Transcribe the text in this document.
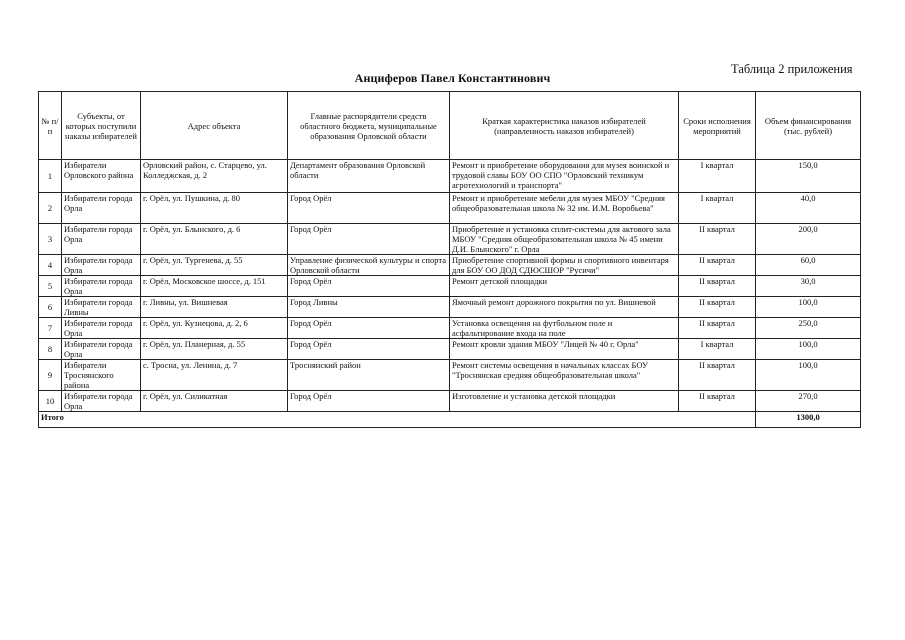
Таблица 2 приложения
Анциферов Павел Константинович
№ п/п	Субъекты, от которых поступили наказы избирателей	Адрес объекта	Главные распорядители средств областного бюджета, муниципальные образования Орловской области	Краткая характеристика наказов избирателей (направленность наказов избирателей)	Сроки исполнения мероприятий	Объем финансирования (тыс. рублей)
1	Избиратели Орловского района	Орловский район, с. Старцево, ул. Колледжская, д. 2	Департамент образования Орловской области	Ремонт и приобретение оборудования для музея воинской и трудовой славы БОУ ОО СПО "Орловский техникум агротехнологий и транспорта"	I квартал	150,0
2	Избиратели города Орла	г. Орёл, ул. Пушкина, д. 80	Город Орёл	Ремонт и приобретение мебели для музея МБОУ "Средняя общеобразовательная школа № 32 им. И.М. Воробьева"	I квартал	40,0
3	Избиратели города Орла	г. Орёл, ул. Блынского, д. 6	Город Орёл	Приобретение и установка сплит-системы для актового зала МБОУ "Средняя общеобразовательная школа № 45 имени Д.И. Блынского" г. Орла	II квартал	200,0
4	Избиратели города Орла	г. Орёл, ул. Тургенева, д. 55	Управление физической культуры и спорта Орловской области	Приобретение спортивной формы и спортивного инвентаря для БОУ ОО ДОД СДЮСШОР "Русичи"	II квартал	60,0
5	Избиратели города Орла	г. Орёл, Московское шоссе, д. 151	Город Орёл	Ремонт детской площадки	II квартал	30,0
6	Избиратели города Ливны	г. Ливны, ул. Вишневая	Город Ливны	Ямочный ремонт дорожного покрытия по ул. Вишневой	II квартал	100,0
7	Избиратели города Орла	г. Орёл, ул. Кузнецова, д. 2, 6	Город Орёл	Установка освещения на футбольном поле и асфальтирование входа на поле	II квартал	250,0
8	Избиратели города Орла	г. Орёл, ул. Планерная, д. 55	Город Орёл	Ремонт кровли здания МБОУ "Лицей № 40 г. Орла"	I квартал	100,0
9	Избиратели Троснянского района	с. Тросна, ул. Ленина, д. 7	Троснянский район	Ремонт системы освещения в начальных классах БОУ "Троснянская средняя общеобразовательная школа"	II квартал	100,0
10	Избиратели города Орла	г. Орёл, ул. Силикатная	Город Орёл	Изготовление и установка детской площадки	II квартал	270,0
Итого						1300,0
